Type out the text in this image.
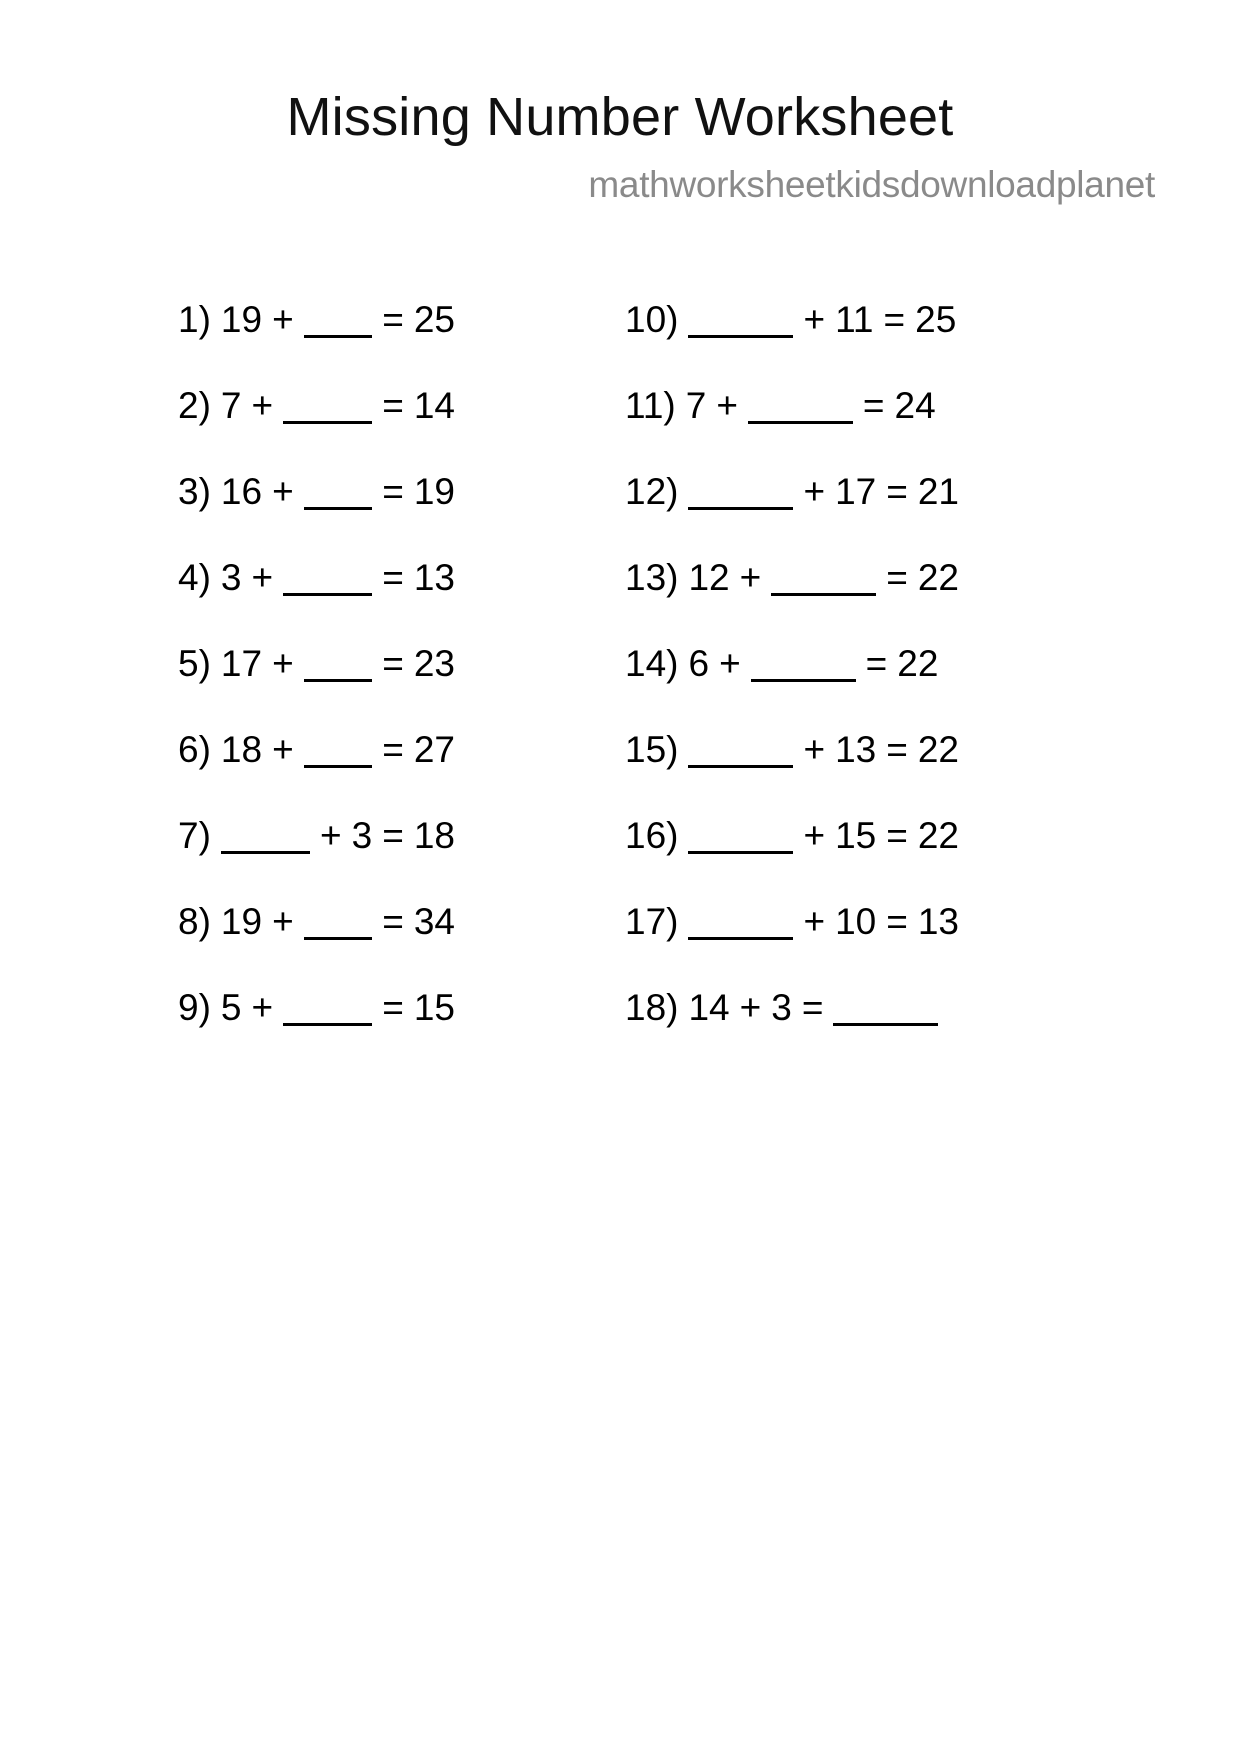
Missing Number Worksheet
mathworksheetkidsdownloadplanet
1) 19 + = 25
2) 7 +	= 14
3) 16 + = 19
4) 3 +	= 13
5) 17 + = 23
6) 18 + = 27
7)	+ 3 = 18
8) 19 + = 34
9) 5 +	= 15
10)	+ 11 = 25
11) 7 +	= 24
12)	+ 17 = 21
13) 12 +	= 22
14) 6 +	= 22
15)	+ 13 = 22
16)	+ 15 = 22
17)	+ 10 = 13
18) 14 + 3 =
